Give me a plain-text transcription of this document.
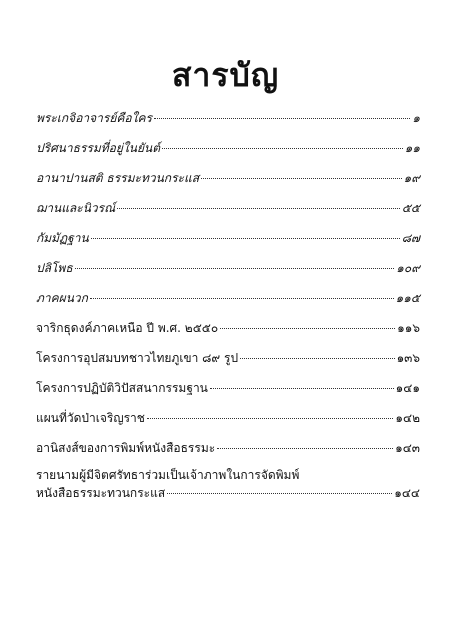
สารบัญ
พระเกจิอาจารย์คือใคร	๑
ปริศนาธรรมที่อยู่ในยันต์	๑๑
อานาปานสติ ธรรมะทวนกระแส	๑๙
ฌานและนิวรณ์	๕๕
กัมมัฏฐาน	๘๗
ปลิโพธ	๑๐๙
ภาคผนวก	๑๑๕
จาริกธุดงค์ภาคเหนือ ปี พ.ศ. ๒๕๕๐	๑๑๖
โครงการอุปสมบทชาวไทยภูเขา ๘๙ รูป	๑๓๖
โครงการปฏิบัติวิปัสสนากรรมฐาน	๑๔๑
แผนที่วัดป่าเจริญราช	๑๔๒
อานิสงส์ของการพิมพ์หนังสือธรรมะ	๑๔๓
รายนามผู้มีจิตศรัทธาร่วมเป็นเจ้าภาพในการจัดพิมพ์
หนังสือธรรมะทวนกระแส	๑๔๔
